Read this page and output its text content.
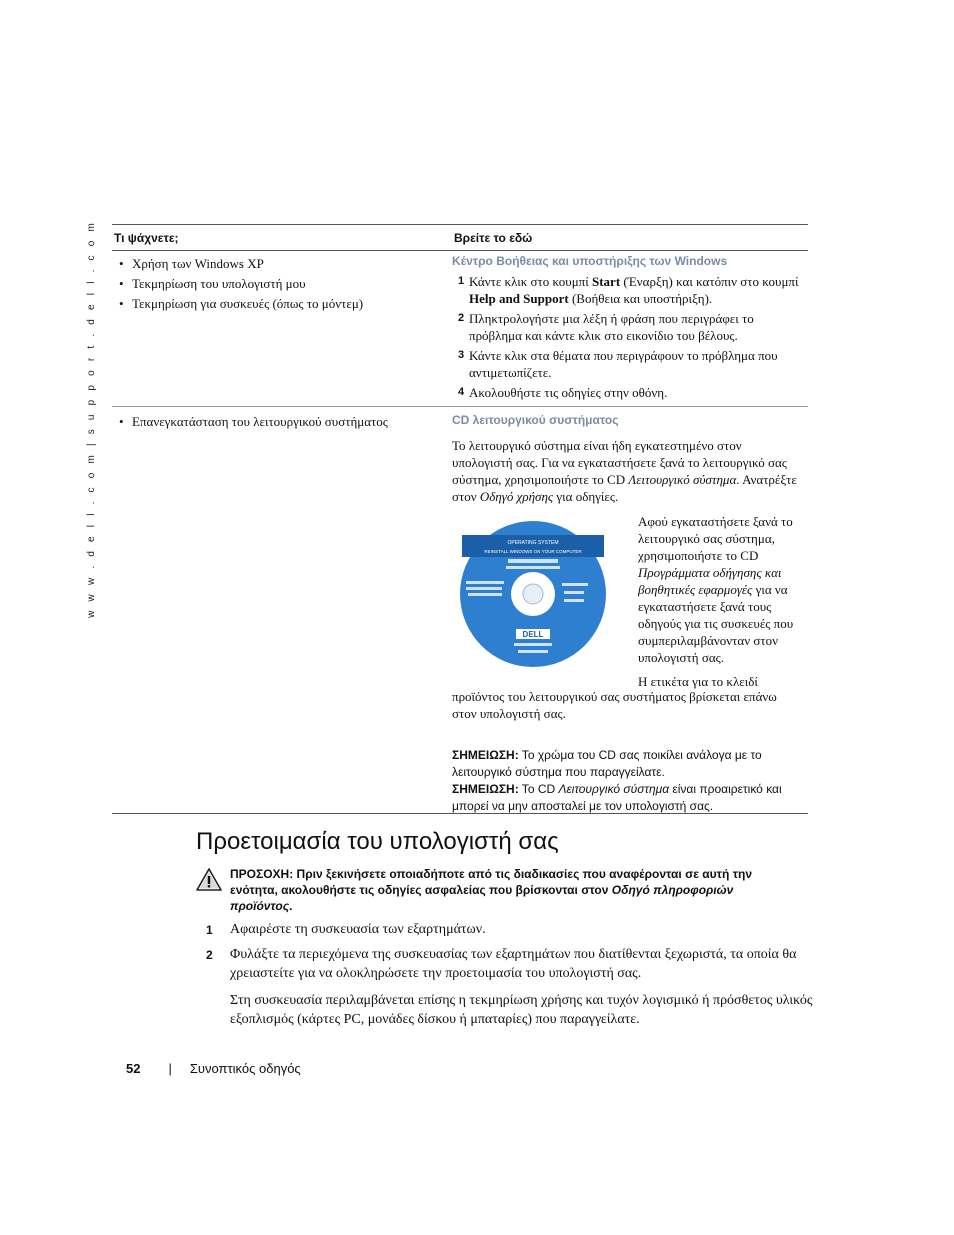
w w w . d e l l . c o m | s u p p o r t . d e l l . c o m Τι ψάχνετε;	Βρείτε το εδώ
• Χρήση των Windows XP
• Τεκμηρίωση του υπολογιστή μου
• Τεκμηρίωση για συσκευές (όπως το μόντεμ)
Κέντρο Βοήθειας και υποστήριξης των Windows
1 Κάντε κλικ στο κουμπί Start (Έναρξη) και κατόπιν στο κουμπί Help and Support (Βοήθεια και υποστήριξη).
2 Πληκτρολογήστε μια λέξη ή φράση που περιγράφει το πρόβλημα και κάντε κλικ στο εικονίδιο του βέλους.
3 Κάντε κλικ στα θέματα που περιγράφουν το πρόβλημα που αντιμετωπίζετε.
4 Ακολουθήστε τις οδηγίες στην οθόνη.
• Επανεγκατάσταση του λειτουργικού συστήματος	CD λειτουργικού συστήματος
Το λειτουργικό σύστημα είναι ήδη εγκατεστημένο στον υπολογιστή σας. Για να εγκαταστήσετε ξανά το λειτουργικό σας σύστημα, χρησιμοποιήστε το CD Λειτουργικό σύστημα. Ανατρέξτε στον Οδηγό χρήσης για οδηγίες.
OPERATING SYSTEM
REINSTALL WINDOWS ON YOUR COMPUTER
DELL
Αφού εγκαταστήσετε ξανά το λειτουργικό σας σύστημα, χρησιμοποιήστε το CD Προγράμματα οδήγησης και βοηθητικές εφαρμογές για να εγκαταστήσετε ξανά τους οδηγούς για τις συσκευές που συμπεριλαμβάνονταν στον υπολογιστή σας.
Η ετικέτα για το κλειδί
προϊόντος του λειτουργικού σας συστήματος βρίσκεται επάνω στον υπολογιστή σας.
ΣΗΜΕΙΩΣΗ: Το χρώμα του CD σας ποικίλει ανάλογα με το λειτουργικό σύστημα που παραγγείλατε.
ΣΗΜΕΙΩΣΗ: Το CD Λειτουργικό σύστημα είναι προαιρετικό και μπορεί να μην αποσταλεί με τον υπολογιστή σας.
Προετοιμασία του υπολογιστή σας
ΠΡΟΣΟΧΗ: Πριν ξεκινήσετε οποιαδήποτε από τις διαδικασίες που αναφέρονται σε αυτή την ενότητα, ακολουθήστε τις οδηγίες ασφαλείας που βρίσκονται στον Οδηγό πληροφοριών προϊόντος.
1 Αφαιρέστε τη συσκευασία των εξαρτημάτων.
2 Φυλάξτε τα περιεχόμενα της συσκευασίας των εξαρτημάτων που διατίθενται ξεχωριστά, τα οποία θα χρειαστείτε για να ολοκληρώσετε την προετοιμασία του υπολογιστή σας.
Στη συσκευασία περιλαμβάνεται επίσης η τεκμηρίωση χρήσης και τυχόν λογισμικό ή πρόσθετος υλικός εξοπλισμός (κάρτες PC, μονάδες δίσκου ή μπαταρίες) που παραγγείλατε.
52 | Συνοπτικός οδηγός
